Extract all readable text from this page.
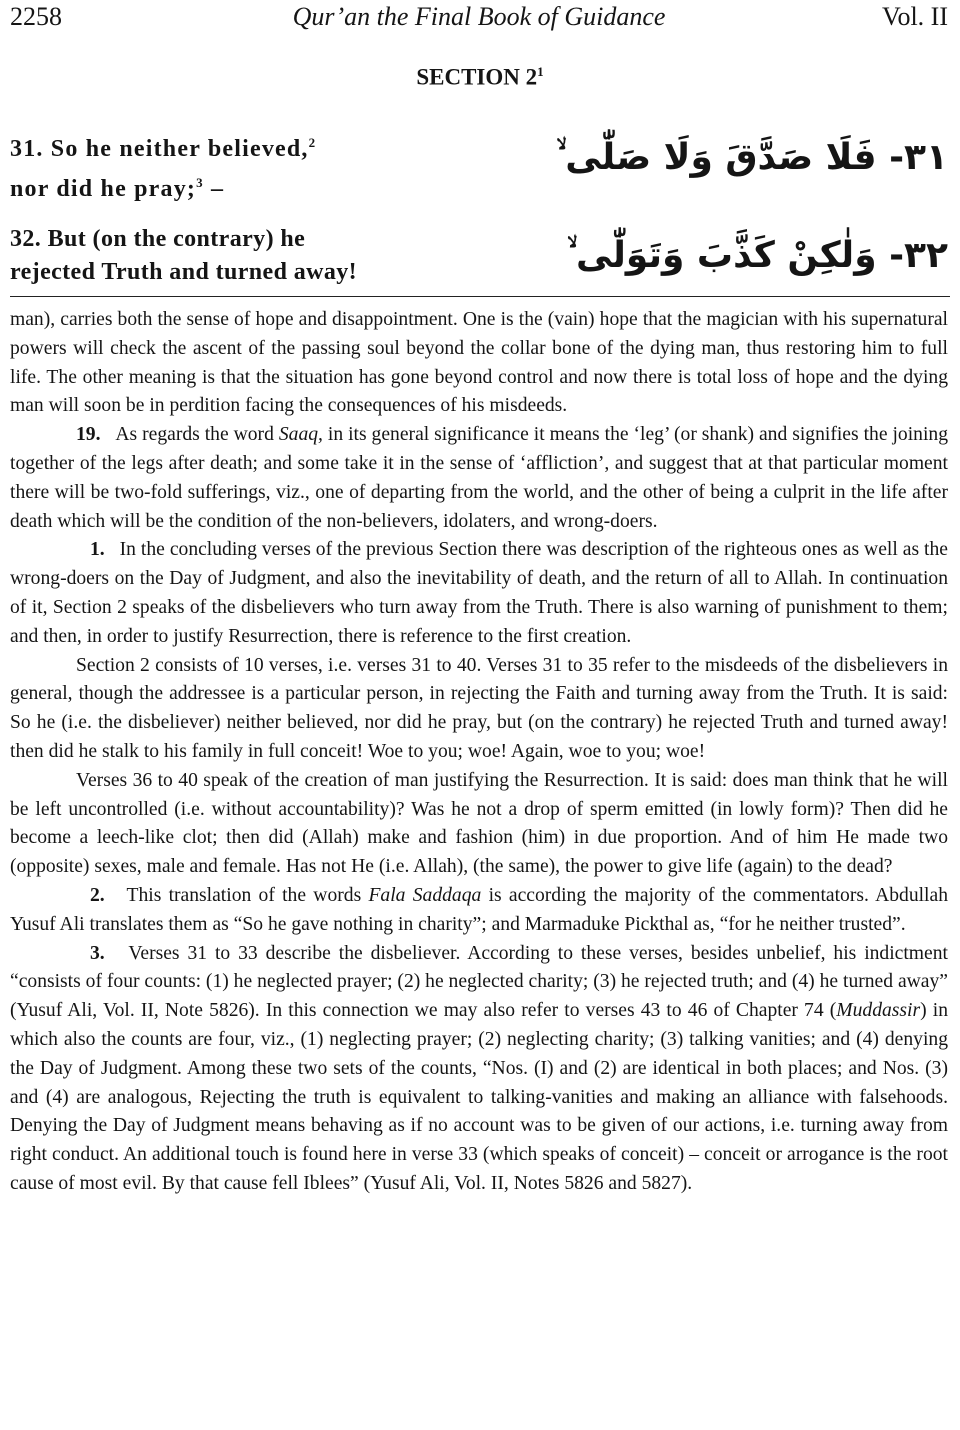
2258	Qur’an the Final Book of Guidance	Vol. II
SECTION $2^1$
31. So he neither believed,$^2$
nor did he pray;$^3$ –
٣١- فَلَا صَدَّقَ وَلَا صَلّٰى ۙ
32. But (on the contrary) he
rejected Truth and turned away!	٣٢- وَلٰكِنْ كَذَّبَ وَتَوَلّٰى ۙ

man), carries both the sense of hope and disappointment. One is the (vain) hope that the magician with his supernatural powers will check the ascent of the passing soul beyond the collar bone of the dying man, thus restoring him to full life. The other meaning is that the situation has gone beyond control and now there is total loss of hope and the dying man will soon be in perdition facing the consequences of his misdeeds.

19. As regards the word Saaq, in its general significance it means the ‘leg’ (or shank) and signifies the joining together of the legs after death; and some take it in the sense of ‘affliction’, and suggest that at that particular moment there will be two-fold sufferings, viz., one of departing from the world, and the other of being a culprit in the life after death which will be the condition of the non-believers, idolaters, and wrong-doers.

1. In the concluding verses of the previous Section there was description of the righteous ones as well as the wrong-doers on the Day of Judgment, and also the inevitability of death, and the return of all to Allah. In continuation of it, Section 2 speaks of the disbelievers who turn away from the Truth. There is also warning of punishment to them; and then, in order to justify Resurrection, there is reference to the first creation.

Section 2 consists of 10 verses, i.e. verses 31 to 40. Verses 31 to 35 refer to the misdeeds of the disbelievers in general, though the addressee is a particular person, in rejecting the Faith and turning away from the Truth. It is said: So he (i.e. the disbeliever) neither believed, nor did he pray, but (on the contrary) he rejected Truth and turned away! then did he stalk to his family in full conceit! Woe to you; woe! Again, woe to you; woe!

Verses 36 to 40 speak of the creation of man justifying the Resurrection. It is said: does man think that he will be left uncontrolled (i.e. without accountability)? Was he not a drop of sperm emitted (in lowly form)? Then did he become a leech-like clot; then did (Allah) make and fashion (him) in due proportion. And of him He made two (opposite) sexes, male and female. Has not He (i.e. Allah), (the same), the power to give life (again) to the dead?

2. This translation of the words Fala Saddaqa is according the majority of the commentators. Abdullah Yusuf Ali translates them as “So he gave nothing in charity”; and Marmaduke Pickthal as, “for he neither trusted”.

3. Verses 31 to 33 describe the disbeliever. According to these verses, besides unbelief, his indictment “consists of four counts: (1) he neglected prayer; (2) he neglected charity; (3) he rejected truth; and (4) he turned away” (Yusuf Ali, Vol. II, Note 5826). In this connection we may also refer to verses 43 to 46 of Chapter 74 (Muddassir) in which also the counts are four, viz., (1) neglecting prayer; (2) neglecting charity; (3) talking vanities; and (4) denying the Day of Judgment. Among these two sets of the counts, “Nos. (I) and (2) are identical in both places; and Nos. (3) and (4) are analogous, Rejecting the truth is equivalent to talking-vanities and making an alliance with falsehoods. Denying the Day of Judgment means behaving as if no account was to be given of our actions, i.e. turning away from right conduct. An additional touch is found here in verse 33 (which speaks of conceit) – conceit or arrogance is the root cause of most evil. By that cause fell Iblees” (Yusuf Ali, Vol. II, Notes 5826 and 5827).
